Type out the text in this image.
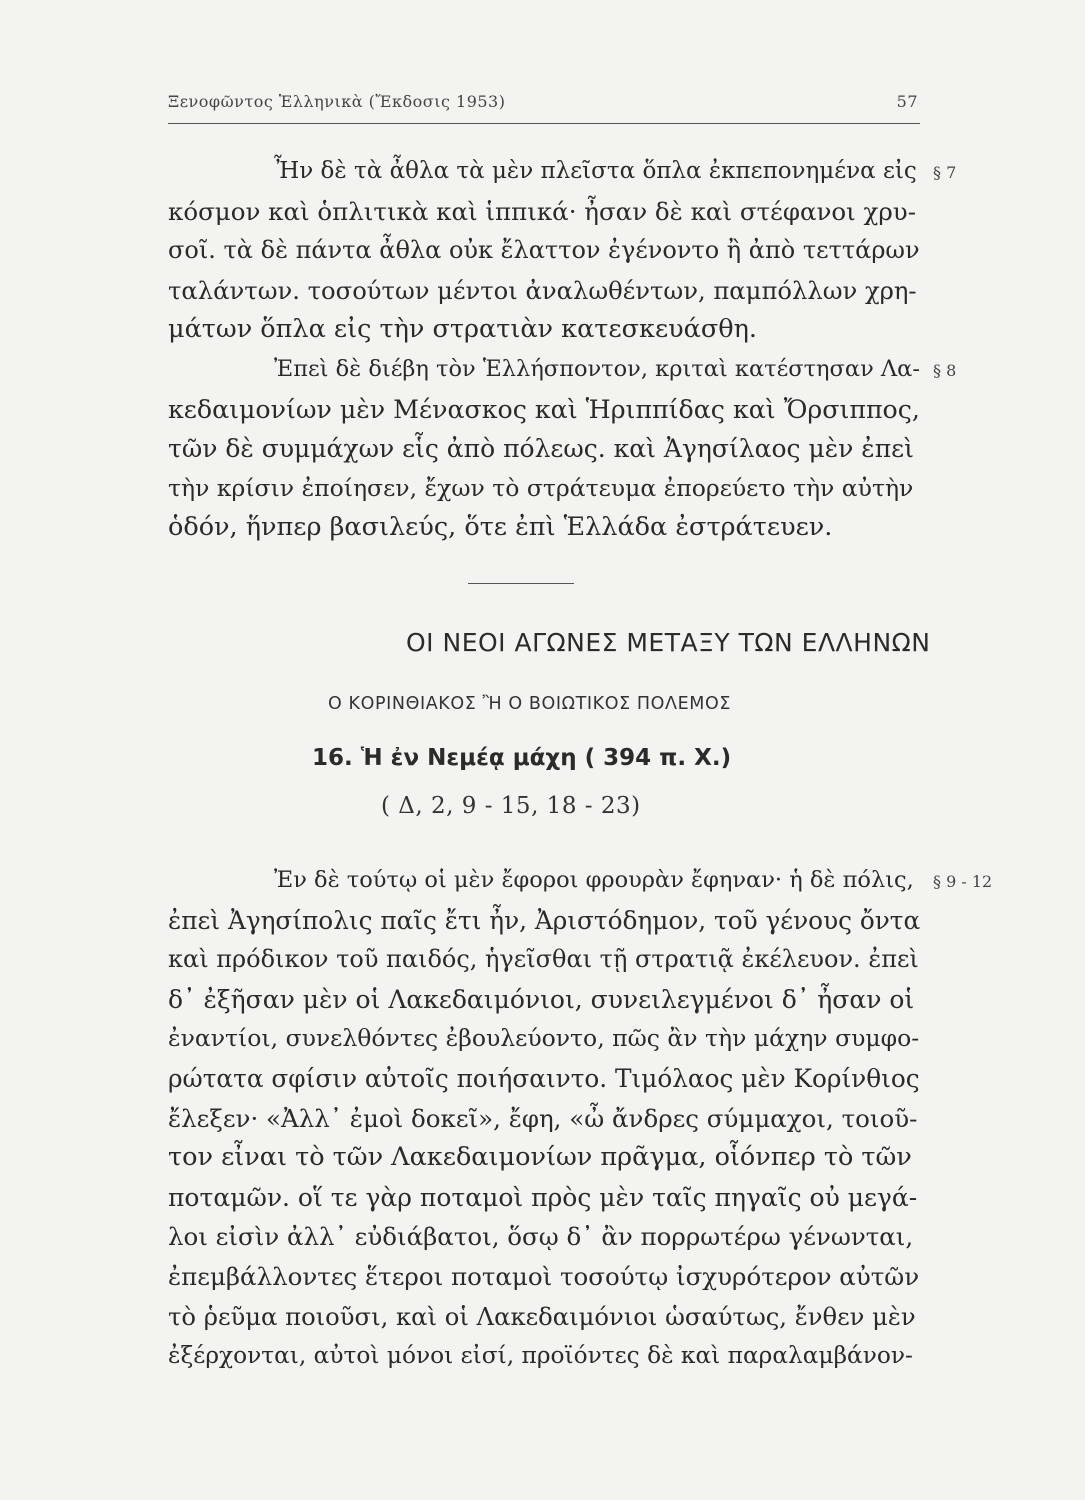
Ξενοφῶντος Ἑλληνικὰ (Ἔκδοσις 1953)	57

Ἦν δὲ τὰ ἆθλα τὰ μὲν πλεῖστα ὅπλα ἐκπεπονημένα εἰς
κόσμον καὶ ὁπλιτικὰ καὶ ἱππικά· ἦσαν δὲ καὶ στέφανοι χρυ-
σοῖ. τὰ δὲ πάντα ἆθλα οὐκ ἔλαττον ἐγένοντο ἢ ἀπὸ τεττάρων
ταλάντων. τοσούτων μέντοι ἀναλωθέντων, παμπόλλων χρη-
μάτων ὅπλα εἰς τὴν στρατιὰν κατεσκευάσθη.

§ 7

Ἐπεὶ δὲ διέβη τὸν Ἑλλήσποντον, κριταὶ κατέστησαν Λα-
κεδαιμονίων μὲν Μένασκος καὶ Ἡριππίδας καὶ Ὄρσιππος,
τῶν δὲ συμμάχων εἷς ἀπὸ πόλεως. καὶ Ἀγησίλαος μὲν ἐπεὶ
τὴν κρίσιν ἐποίησεν, ἔχων τὸ στράτευμα ἐπορεύετο τὴν αὐτὴν
ὁδόν, ἥνπερ βασιλεύς, ὅτε ἐπὶ Ἑλλάδα ἐστράτευεν.

§ 8
ΟΙ ΝΕΟΙ ΑΓΩΝΕΣ ΜΕΤΑΞΥ ΤΩΝ ΕΛΛΗΝΩΝ
Ο ΚΟΡΙΝΘΙΑΚΟΣ Ἢ Ο ΒΟΙΩΤΙΚΟΣ ΠΟΛΕΜΟΣ
16. Ἡ ἐν Νεμέᾳ μάχη ( 394 π. Χ.)
( Δ, 2, 9 - 15, 18 - 23)

Ἐν δὲ τούτῳ οἱ μὲν ἔφοροι φρουρὰν ἔφηναν· ἡ δὲ πόλις,
ἐπεὶ Ἀγησίπολις παῖς ἔτι ἦν, Ἀριστόδημον, τοῦ γένους ὄντα
καὶ πρόδικον τοῦ παιδός, ἡγεῖσθαι τῇ στρατιᾷ ἐκέλευον. ἐπεὶ
δ᾿ ἐξῆσαν μὲν οἱ Λακεδαιμόνιοι, συνειλεγμένοι δ᾿ ἦσαν οἱ
ἐναντίοι, συνελθόντες ἐβουλεύοντο, πῶς ἂν τὴν μάχην συμφο-
ρώτατα σφίσιν αὐτοῖς ποιήσαιντο. Τιμόλαος μὲν Κορίνθιος
ἔλεξεν· «Ἀλλ᾿ ἐμοὶ δοκεῖ», ἔφη, «ὦ ἄνδρες σύμμαχοι, τοιοῦ-
τον εἶναι τὸ τῶν Λακεδαιμονίων πρᾶγμα, οἷόνπερ τὸ τῶν
ποταμῶν. οἵ τε γὰρ ποταμοὶ πρὸς μὲν ταῖς πηγαῖς οὐ μεγά-
λοι εἰσὶν ἀλλ᾿ εὐδιάβατοι, ὅσῳ δ᾿ ἂν πορρωτέρω γένωνται,
ἐπεμβάλλοντες ἕτεροι ποταμοὶ τοσούτῳ ἰσχυρότερον αὐτῶν
τὸ ῥεῦμα ποιοῦσι, καὶ οἱ Λακεδαιμόνιοι ὡσαύτως, ἔνθεν μὲν
ἐξέρχονται, αὐτοὶ μόνοι εἰσί, προϊόντες δὲ καὶ παραλαμβάνον-

§ 9 - 12
